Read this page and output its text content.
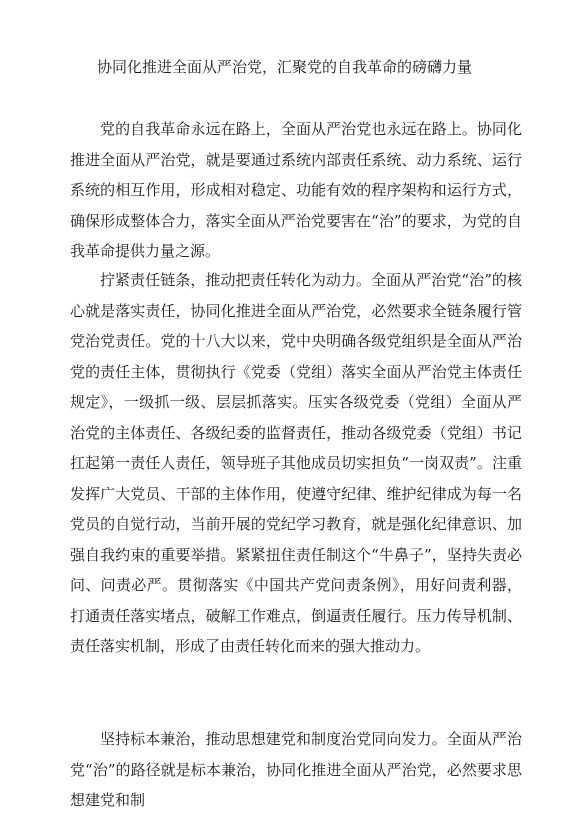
协同化推进全面从严治党，汇聚党的自我革命的磅礴力量

党的自我革命永远在路上，全面从严治党也永远在路上。协同化推进全面从严治党，就是要通过系统内部责任系统、动力系统、运行系统的相互作用，形成相对稳定、功能有效的程序架构和运行方式，确保形成整体合力，落实全面从严治党要害在“治”的要求，为党的自我革命提供力量之源。

拧紧责任链条，推动把责任转化为动力。全面从严治党“治”的核心就是落实责任，协同化推进全面从严治党，必然要求全链条履行管党治党责任。党的十八大以来，党中央明确各级党组织是全面从严治党的责任主体，贯彻执行《党委（党组）落实全面从严治党主体责任规定》，一级抓一级、层层抓落实。压实各级党委（党组）全面从严治党的主体责任、各级纪委的监督责任，推动各级党委（党组）书记扛起第一责任人责任，领导班子其他成员切实担负“一岗双责”。注重发挥广大党员、干部的主体作用，使遵守纪律、维护纪律成为每一名党员的自觉行动，当前开展的党纪学习教育，就是强化纪律意识、加强自我约束的重要举措。紧紧扭住责任制这个“牛鼻子”，坚持失责必问、问责必严。贯彻落实《中国共产党问责条例》，用好问责利器，打通责任落实堵点，破解工作难点，倒逼责任履行。压力传导机制、责任落实机制，形成了由责任转化而来的强大推动力。

坚持标本兼治，推动思想建党和制度治党同向发力。全面从严治党“治”的路径就是标本兼治，协同化推进全面从严治党，必然要求思想建党和制
